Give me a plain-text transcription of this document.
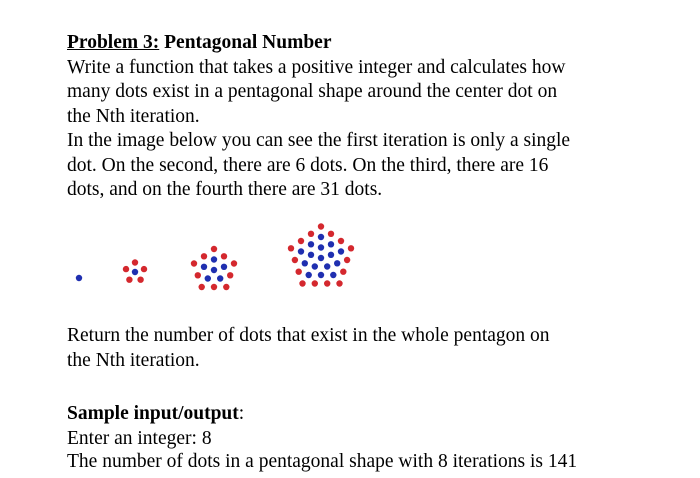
Problem 3: Pentagonal Number

Write a function that takes a positive integer and calculates how

many dots exist in a pentagonal shape around the center dot on

the Nth iteration.

In the image below you can see the first iteration is only a single

dot. On the second, there are 6 dots. On the third, there are 16

dots, and on the fourth there are 31 dots.

Return the number of dots that exist in the whole pentagon on

the Nth iteration.

Sample input/output:

Enter an integer: 8

The number of dots in a pentagonal shape with 8 iterations is 141
